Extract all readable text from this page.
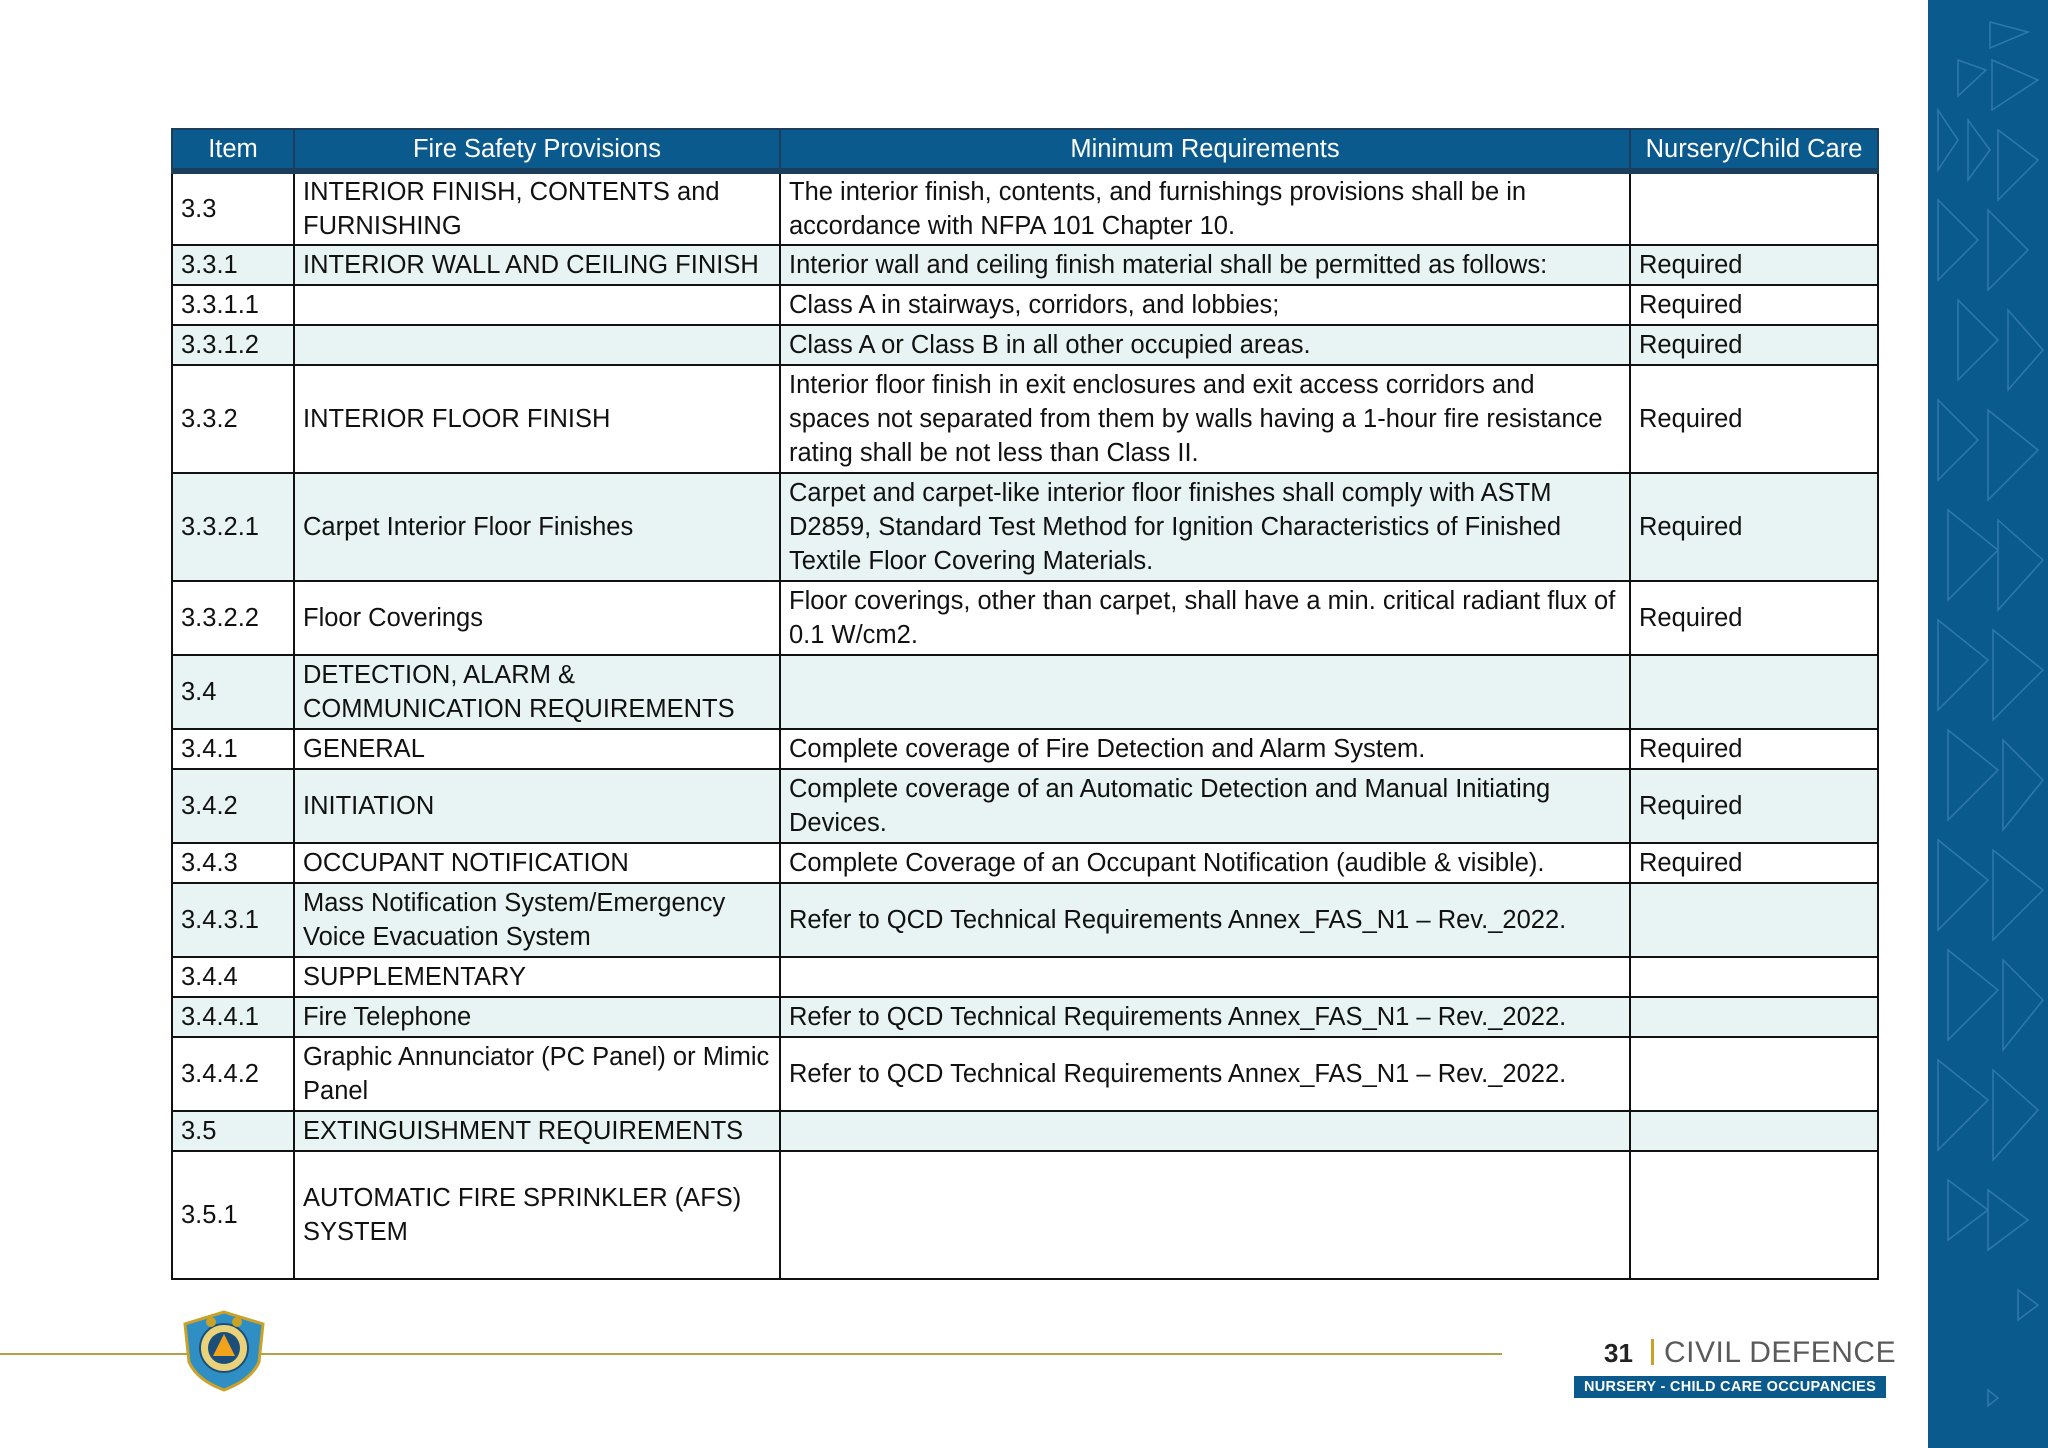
Item	Fire Safety Provisions	Minimum Requirements	Nursery/Child Care
3.3	INTERIOR FINISH, CONTENTS and FURNISHING	The interior finish, contents, and furnishings provisions shall be in accordance with NFPA 101 Chapter 10.	
3.3.1	INTERIOR WALL AND CEILING FINISH	Interior wall and ceiling finish material shall be permitted as follows:	Required
3.3.1.1		Class A in stairways, corridors, and lobbies;	Required
3.3.1.2		Class A or Class B in all other occupied areas.	Required
3.3.2	INTERIOR FLOOR FINISH	Interior floor finish in exit enclosures and exit access corridors and spaces not separated from them by walls having a 1-hour fire resistance rating shall be not less than Class II.	Required
3.3.2.1	Carpet Interior Floor Finishes	Carpet and carpet-like interior floor finishes shall comply with ASTM D2859, Standard Test Method for Ignition Characteristics of Finished Textile Floor Covering Materials.	Required
3.3.2.2	Floor Coverings	Floor coverings, other than carpet, shall have a min. critical radiant flux of 0.1 W/cm2.	Required
3.4	DETECTION, ALARM & COMMUNICATION REQUIREMENTS		
3.4.1	GENERAL	Complete coverage of Fire Detection and Alarm System.	Required
3.4.2	INITIATION	Complete coverage of an Automatic Detection and Manual Initiating Devices.	Required
3.4.3	OCCUPANT NOTIFICATION	Complete Coverage of an Occupant Notification (audible & visible).	Required
3.4.3.1	Mass Notification System/Emergency Voice Evacuation System	Refer to QCD Technical Requirements Annex_FAS_N1 – Rev._2022.	
3.4.4	SUPPLEMENTARY		
3.4.4.1	Fire Telephone	Refer to QCD Technical Requirements Annex_FAS_N1 – Rev._2022.	
3.4.4.2	Graphic Annunciator (PC Panel) or Mimic Panel	Refer to QCD Technical Requirements Annex_FAS_N1 – Rev._2022.	
3.5	EXTINGUISHMENT REQUIREMENTS		
3.5.1	AUTOMATIC FIRE SPRINKLER (AFS) SYSTEM		
31 CIVIL DEFENCE
NURSERY - CHILD CARE OCCUPANCIES
